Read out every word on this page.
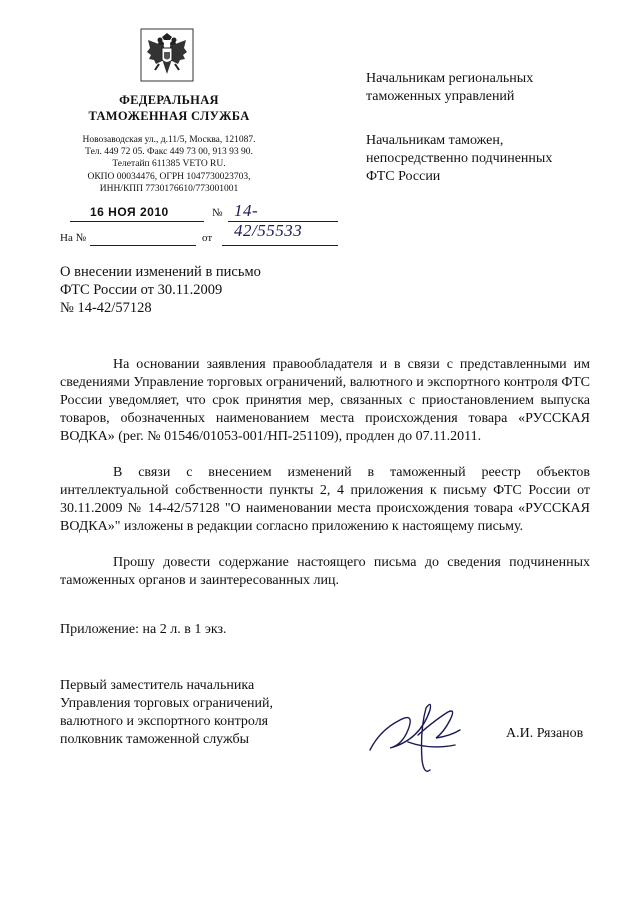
ФЕДЕРАЛЬНАЯ
ТАМОЖЕННАЯ СЛУЖБА
Новозаводская ул., д.11/5, Москва, 121087.
Тел. 449 72 05. Факс 449 73 00, 913 93 90.
Телетайп 611385 VETO RU.
ОКПО 00034476, ОГРН 1047730023703,
ИНН/КПП 7730176610/773001001
16 НОЯ 2010	№ 14-42/55533
На №	от
Начальникам региональных
таможенных управлений
Начальникам таможен,
непосредственно подчиненных
ФТС России
О внесении изменений в письмо
ФТС России от 30.11.2009
№ 14-42/57128
На основании заявления правообладателя и в связи с представленными им сведениями Управление торговых ограничений, валютного и экспортного контроля ФТС России уведомляет, что срок принятия мер, связанных с приостановлением выпуска товаров, обозначенных наименованием места происхождения товара «РУССКАЯ ВОДКА» (рег. № 01546/01053-001/НП-251109), продлен до 07.11.2011.
В связи с внесением изменений в таможенный реестр объектов интеллектуальной собственности пункты 2, 4 приложения к письму ФТС России от 30.11.2009 № 14-42/57128 "О наименовании места происхождения товара «РУССКАЯ ВОДКА»" изложены в редакции согласно приложению к настоящему письму.
Прошу довести содержание настоящего письма до сведения подчиненных таможенных органов и заинтересованных лиц.
Приложение: на 2 л. в 1 экз.
Первый заместитель начальника
Управления торговых ограничений,
валютного и экспортного контроля
полковник таможенной службы	А.И. Рязанов
